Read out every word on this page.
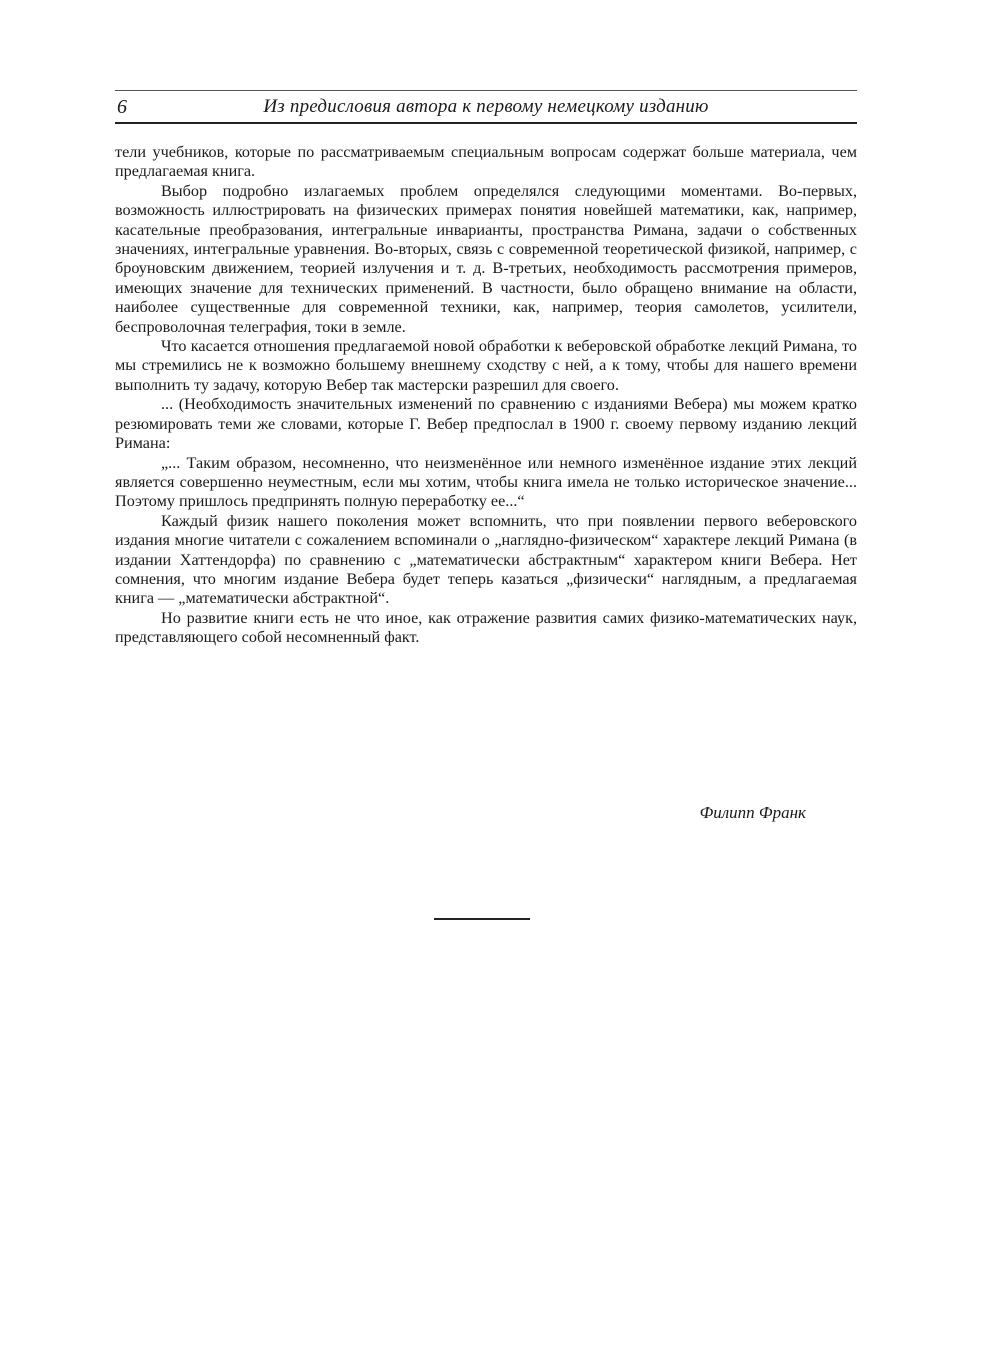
6	Из предисловия автора к первому немецкому изданию

тели учебников, которые по рассматриваемым специальным вопросам содержат больше материала, чем предлагаемая книга.

Выбор подробно излагаемых проблем определялся следующими моментами. Во-первых, возможность иллюстрировать на физических примерах понятия новейшей математики, как, например, касательные преобразования, интегральные инварианты, пространства Римана, задачи о собственных значениях, интегральные уравнения. Во-вторых, связь с современной теоретической физикой, например, с броуновским движением, теорией излучения и т. д. В-третьих, необходимость рассмотрения примеров, имеющих значение для технических применений. В частности, было обращено внимание на области, наиболее существенные для современной техники, как, например, теория самолетов, усилители, беспроволочная телеграфия, токи в земле.

Что касается отношения предлагаемой новой обработки к веберовской обработке лекций Римана, то мы стремились не к возможно большему внешнему сходству с ней, а к тому, чтобы для нашего времени выполнить ту задачу, которую Вебер так мастерски разрешил для своего.

... (Необходимость значительных изменений по сравнению с изданиями Вебера) мы можем кратко резюмировать теми же словами, которые Г. Вебер предпослал в 1900 г. своему первому изданию лекций Римана:

„... Таким образом, несомненно, что неизменённое или немного изменённое издание этих лекций является совершенно неуместным, если мы хотим, чтобы книга имела не только историческое значение... Поэтому пришлось предпринять полную переработку ее...“

Каждый физик нашего поколения может вспомнить, что при появлении первого веберовского издания многие читатели с сожалением вспоминали о „наглядно-физическом“ характере лекций Римана (в издании Хаттендорфа) по сравнению с „математически абстрактным“ характером книги Вебера. Нет сомнения, что многим издание Вебера будет теперь казаться „физически“ наглядным, а предлагаемая книга — „математически абстрактной“.

Но развитие книги есть не что иное, как отражение развития самих физико-математических наук, представляющего собой несомненный факт.

Филипп Франк
